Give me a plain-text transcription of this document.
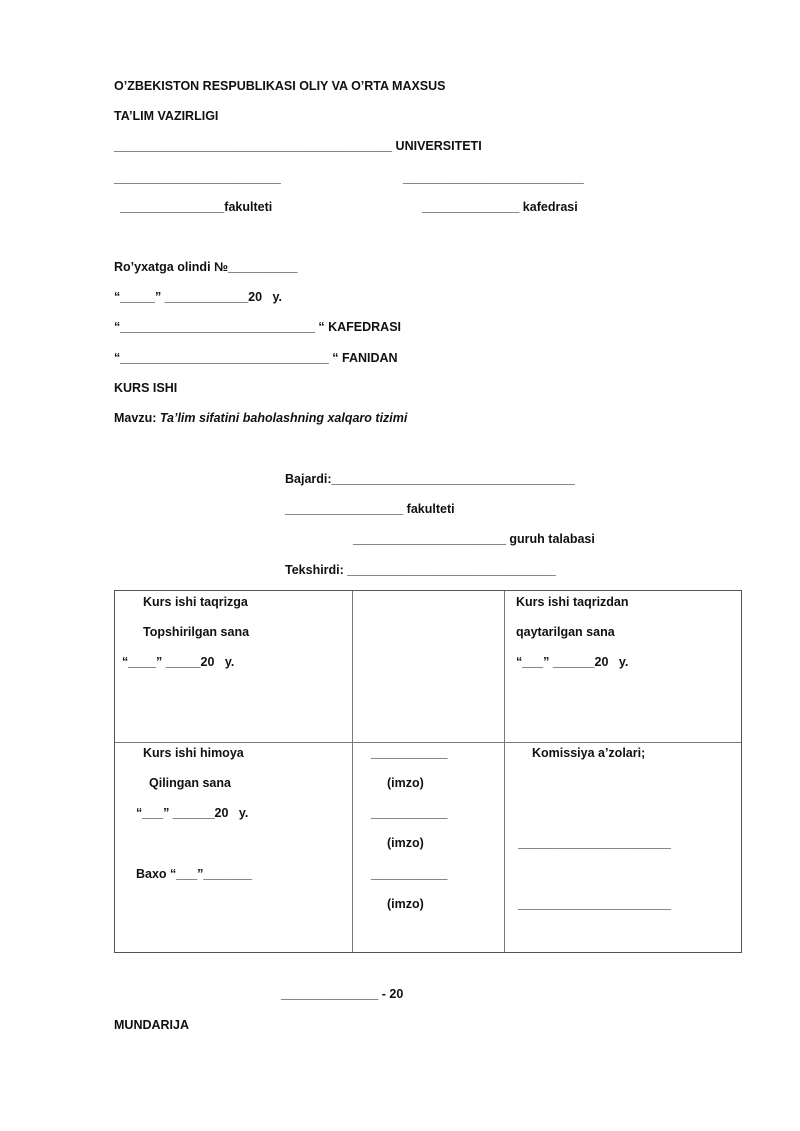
O’ZBEKISTON RESPUBLIKASI OLIY VA O’RTA MAXSUS
TA’LIM VAZIRLIGI
________________________________________ UNIVERSITETI
________________________	__________________________
_______________fakulteti	______________ kafedrasi
Ro’yxatga olindi №__________
“_____” ____________20   y.
“____________________________ “ KAFEDRASI
“______________________________ “ FANIDAN
KURS ISHI
Mavzu: Ta’lim sifatini baholashning xalqaro tizimi
Bajardi:___________________________________
_________________ fakulteti
______________________ guruh talabasi
Tekshirdi: ______________________________
Kurs ishi taqrizga
Topshirilgan sana
“____” _____20   y.
Kurs ishi taqrizdan
qaytarilgan sana
“___” ______20   y.
Kurs ishi himoya
Qilingan sana
“___” ______20   y.
Baxo “___”_______
___________
(imzo)
___________
(imzo)
___________
(imzo)
Komissiya a’zolari;
______________________
______________________
______________ - 20
MUNDARIJA
